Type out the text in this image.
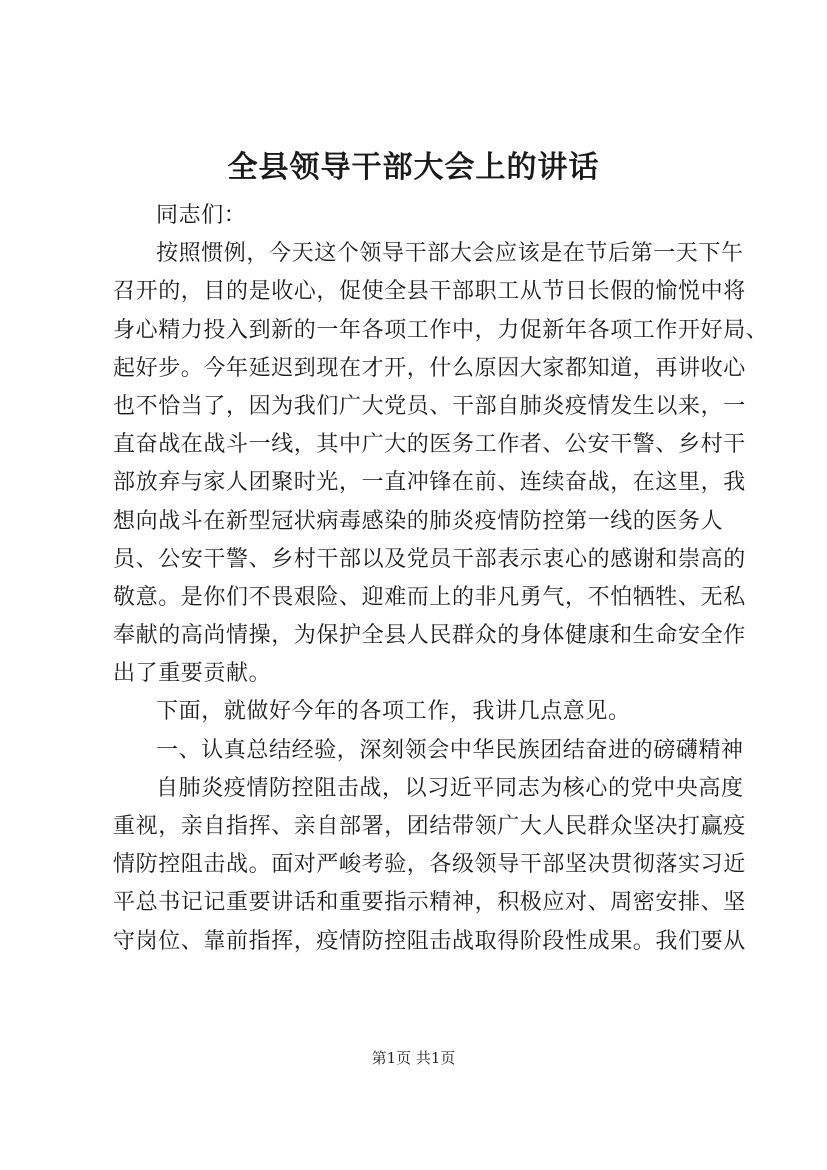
全县领导干部大会上的讲话
同志们：
按照惯例，今天这个领导干部大会应该是在节后第一天下午
召开的，目的是收心，促使全县干部职工从节日长假的愉悦中将
身心精力投入到新的一年各项工作中，力促新年各项工作开好局、
起好步。今年延迟到现在才开，什么原因大家都知道，再讲收心
也不恰当了，因为我们广大党员、干部自肺炎疫情发生以来，一
直奋战在战斗一线，其中广大的医务工作者、公安干警、乡村干
部放弃与家人团聚时光，一直冲锋在前、连续奋战，在这里，我
想向战斗在新型冠状病毒感染的肺炎疫情防控第一线的医务人
员、公安干警、乡村干部以及党员干部表示衷心的感谢和崇高的
敬意。是你们不畏艰险、迎难而上的非凡勇气，不怕牺牲、无私
奉献的高尚情操，为保护全县人民群众的身体健康和生命安全作
出了重要贡献。
下面，就做好今年的各项工作，我讲几点意见。
一、认真总结经验，深刻领会中华民族团结奋进的磅礴精神
自肺炎疫情防控阻击战，以习近平同志为核心的党中央高度
重视，亲自指挥、亲自部署，团结带领广大人民群众坚决打赢疫
情防控阻击战。面对严峻考验，各级领导干部坚决贯彻落实习近
平总书记记重要讲话和重要指示精神，积极应对、周密安排、坚
守岗位、靠前指挥，疫情防控阻击战取得阶段性成果。我们要从
第1页 共1页
